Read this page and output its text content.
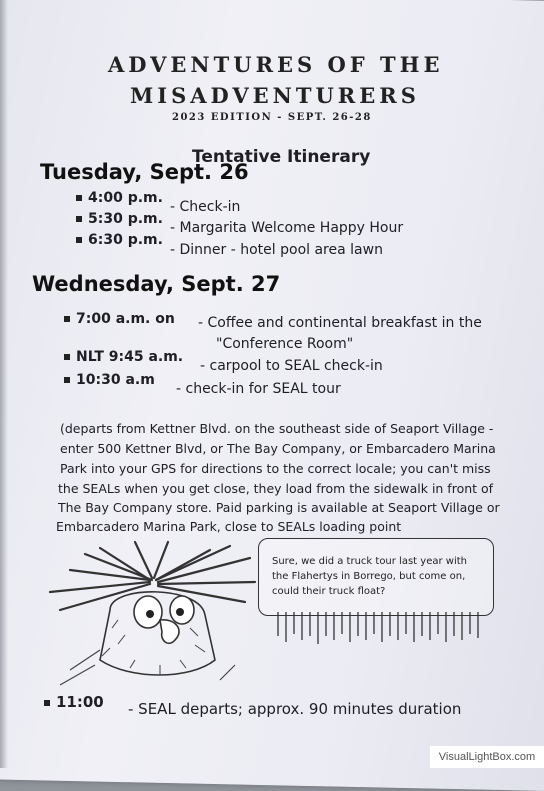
ADVENTURES OF THE
MISADVENTURERS
2023 EDITION - SEPT. 26-28
Tentative Itinerary
Tuesday, Sept. 26
4:00 p.m.
- Check-in
5:30 p.m.
- Margarita Welcome Happy Hour
6:30 p.m.
- Dinner - hotel pool area lawn
Wednesday, Sept. 27
7:00 a.m. on - Coffee and continental breakfast in the
"Conference Room"
NLT 9:45 a.m.
- carpool to SEAL check-in
10:30 a.m
- check-in for SEAL tour
(departs from Kettner Blvd. on the southeast side of Seaport Village -
enter 500 Kettner Blvd, or The Bay Company, or Embarcadero Marina
Park into your GPS for directions to the correct locale; you can't miss
the SEALs when you get close, they load from the sidewalk in front of
The Bay Company store. Paid parking is available at Seaport Village or
Embarcadero Marina Park, close to SEALs loading point
Sure, we did a truck tour last year with
the Flahertys in Borrego, but come on,
could their truck float?
11:00 - SEAL departs; approx. 90 minutes duration
VisualLightBox.com
